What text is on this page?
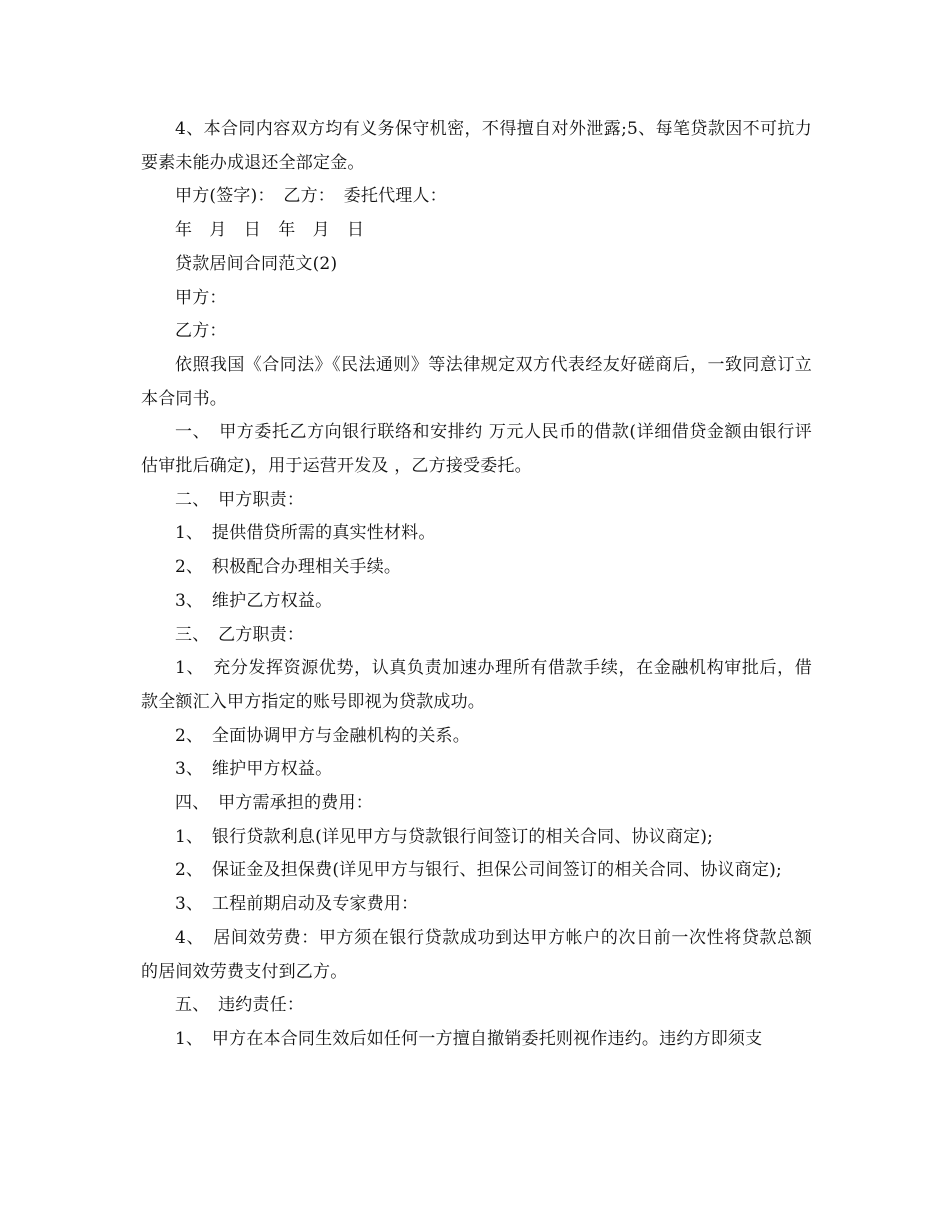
4、本合同内容双方均有义务保守机密，不得擅自对外泄露;5、每笔贷款因不可抗力要素未能办成退还全部定金。

甲方(签字)：　乙方：　委托代理人：

年　月　日　年　月　日

贷款居间合同范文(2)

甲方：

乙方：

依照我国《合同法》《民法通则》等法律规定双方代表经友好磋商后，一致同意订立本合同书。

一、　甲方委托乙方向银行联络和安排约 万元人民币的借款(详细借贷金额由银行评估审批后确定)，用于运营开发及 ，乙方接受委托。

二、　甲方职责：

1、　提供借贷所需的真实性材料。

2、　积极配合办理相关手续。

3、　维护乙方权益。

三、　乙方职责：

1、　充分发挥资源优势，认真负责加速办理所有借款手续，在金融机构审批后，借款全额汇入甲方指定的账号即视为贷款成功。

2、　全面协调甲方与金融机构的关系。

3、　维护甲方权益。

四、　甲方需承担的费用：

1、　银行贷款利息(详见甲方与贷款银行间签订的相关合同、协议商定);

2、　保证金及担保费(详见甲方与银行、担保公司间签订的相关合同、协议商定);

3、　工程前期启动及专家费用：

4、　居间效劳费：甲方须在银行贷款成功到达甲方帐户的次日前一次性将贷款总额 的居间效劳费支付到乙方。

五、　违约责任：

1、　甲方在本合同生效后如任何一方擅自撤销委托则视作违约。违约方即须支
